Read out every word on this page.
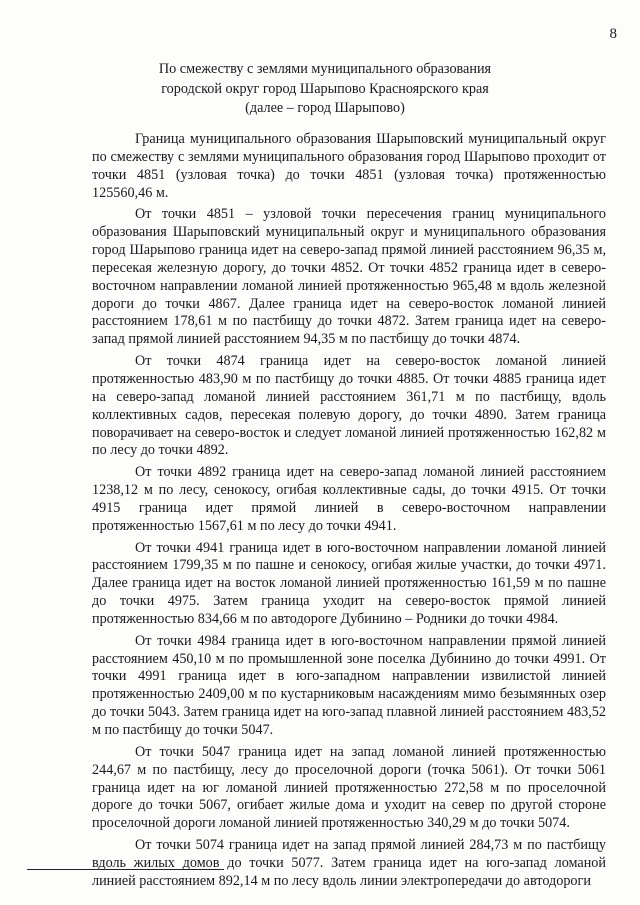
8
По смежеству с землями муниципального образования
городской округ город Шарыпово Красноярского края
(далее – город Шарыпово)

Граница муниципального образования Шарыповский муниципальный округ по смежеству с землями муниципального образования город Шарыпово проходит от точки 4851 (узловая точка) до точки 4851 (узловая точка) протяженностью 125560,46 м.

От точки 4851 – узловой точки пересечения границ муниципального образования Шарыповский муниципальный округ и муниципального образования город Шарыпово граница идет на северо-запад прямой линией расстоянием 96,35 м, пересекая железную дорогу, до точки 4852. От точки 4852 граница идет в северо-восточном направлении ломаной линией протяженностью 965,48 м вдоль железной дороги до точки 4867. Далее граница идет на северо-восток ломаной линией расстоянием 178,61 м по пастбищу до точки 4872. Затем граница идет на северо-запад прямой линией расстоянием 94,35 м по пастбищу до точки 4874.

От точки 4874 граница идет на северо-восток ломаной линией протяженностью 483,90 м по пастбищу до точки 4885. От точки 4885 граница идет на северо-запад ломаной линией расстоянием 361,71 м по пастбищу, вдоль коллективных садов, пересекая полевую дорогу, до точки 4890. Затем граница поворачивает на северо-восток и следует ломаной линией протяженностью 162,82 м по лесу до точки 4892.

От точки 4892 граница идет на северо-запад ломаной линией расстоянием 1238,12 м по лесу, сенокосу, огибая коллективные сады, до точки 4915. От точки 4915 граница идет прямой линией в северо-восточном направлении протяженностью 1567,61 м по лесу до точки 4941.

От точки 4941 граница идет в юго-восточном направлении ломаной линией расстоянием 1799,35 м по пашне и сенокосу, огибая жилые участки, до точки 4971. Далее граница идет на восток ломаной линией протяженностью 161,59 м по пашне до точки 4975. Затем граница уходит на северо-восток прямой линией протяженностью 834,66 м по автодороге Дубинино – Родники до точки 4984.

От точки 4984 граница идет в юго-восточном направлении прямой линией расстоянием 450,10 м по промышленной зоне поселка Дубинино до точки 4991. От точки 4991 граница идет в юго-западном направлении извилистой линией протяженностью 2409,00 м по кустарниковым насаждениям мимо безымянных озер до точки 5043. Затем граница идет на юго-запад плавной линией расстоянием 483,52 м по пастбищу до точки 5047.

От точки 5047 граница идет на запад ломаной линией протяженностью 244,67 м по пастбищу, лесу до проселочной дороги (точка 5061). От точки 5061 граница идет на юг ломаной линией протяженностью 272,58 м по проселочной дороге до точки 5067, огибает жилые дома и уходит на север по другой стороне проселочной дороги ломаной линией протяженностью 340,29 м до точки 5074.

От точки 5074 граница идет на запад прямой линией 284,73 м по пастбищу вдоль жилых домов до точки 5077. Затем граница идет на юго-запад ломаной линией расстоянием 892,14 м по лесу вдоль линии электропередачи до автодороги
